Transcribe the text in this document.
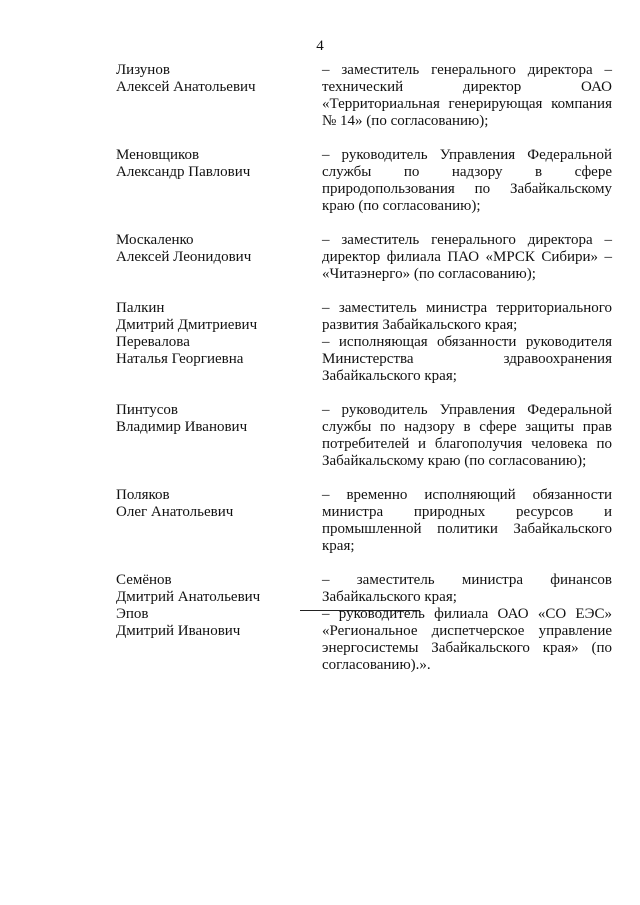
4
Лизунов
Алексей Анатольевич
– заместитель генерального директора –
технический директор ОАО
«Территориальная генерирующая компания
№ 14» (по согласованию);
Меновщиков
Александр Павлович
– руководитель Управления Федеральной
службы по надзору в сфере
природопользования по Забайкальскому
краю (по согласованию);
Москаленко
Алексей Леонидович
– заместитель генерального директора –
директор филиала ПАО «МРСК Сибири» –
«Читаэнерго» (по согласованию);
Палкин
Дмитрий Дмитриевич
– заместитель министра территориального
развития Забайкальского края;
Перевалова
Наталья Георгиевна
– исполняющая обязанности руководителя
Министерства здравоохранения
Забайкальского края;
Пинтусов
Владимир Иванович
– руководитель Управления Федеральной
службы по надзору в сфере защиты прав
потребителей и благополучия человека по
Забайкальскому краю (по согласованию);
Поляков
Олег Анатольевич
– временно исполняющий обязанности
министра природных ресурсов и
промышленной политики Забайкальского
края;
Семёнов
Дмитрий Анатольевич
– заместитель министра финансов
Забайкальского края;
Эпов
Дмитрий Иванович
– руководитель филиала ОАО «СО ЕЭС»
«Региональное диспетчерское управление
энергосистемы Забайкальского края» (по
согласованию).».
